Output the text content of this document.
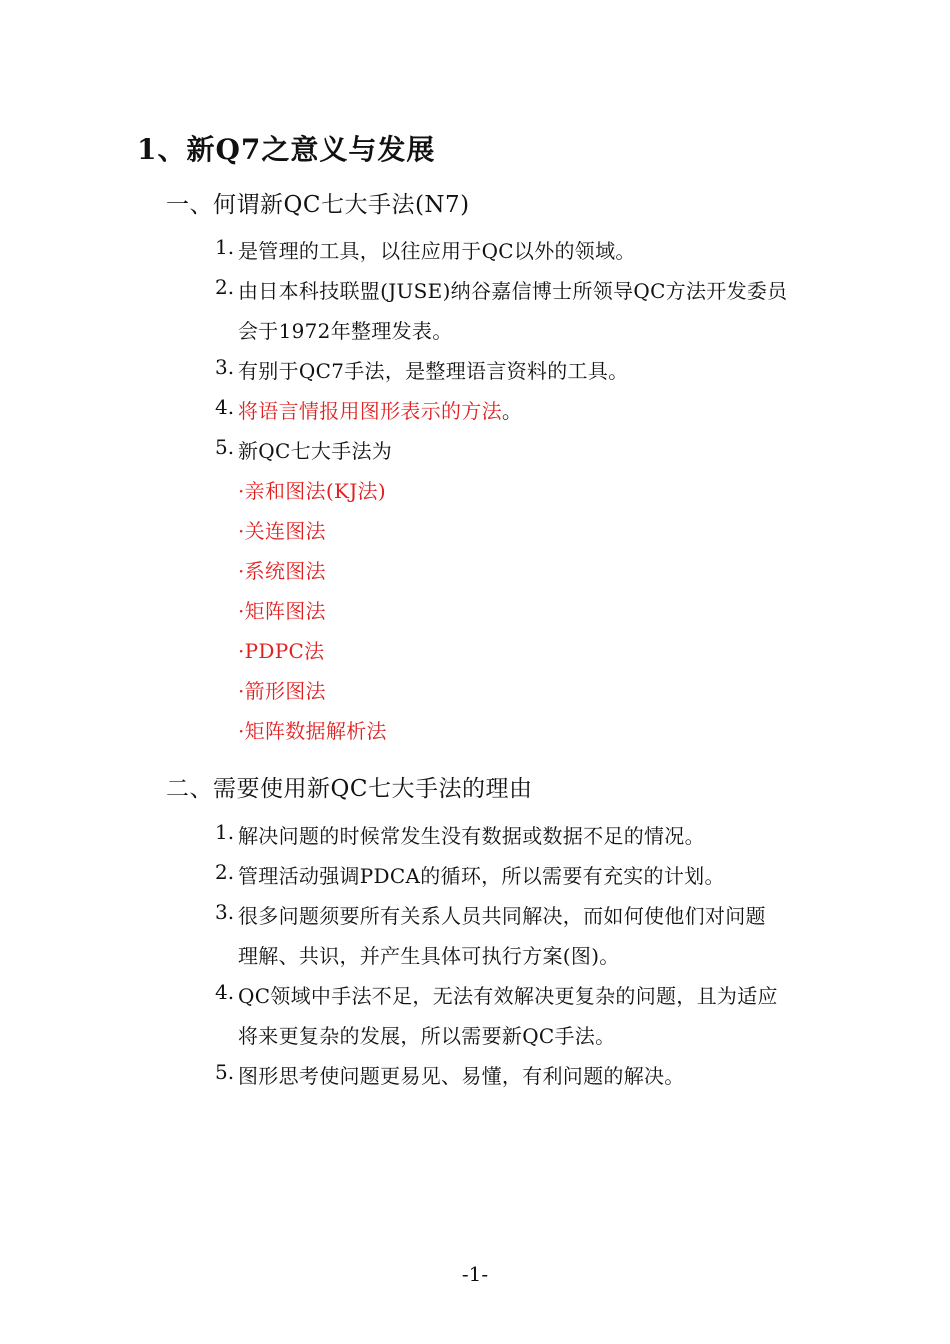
1、新Q7之意义与发展
一、何谓新QC七大手法(N7)
1. 是管理的工具，以往应用于QC以外的领域。
2. 由日本科技联盟(JUSE)纳谷嘉信博士所领导QC方法开发委员
会于1972年整理发表。
3. 有别于QC7手法，是整理语言资料的工具。
4. 将语言情报用图形表示的方法。
5. 新QC七大手法为
·亲和图法(KJ法)
·关连图法
·系统图法
·矩阵图法
·PDPC法
·箭形图法
·矩阵数据解析法
二、需要使用新QC七大手法的理由
1. 解决问题的时候常发生没有数据或数据不足的情况。
2. 管理活动强调PDCA的循环，所以需要有充实的计划。
3. 很多问题须要所有关系人员共同解决，而如何使他们对问题
理解、共识，并产生具体可执行方案(图)。
4. QC领域中手法不足，无法有效解决更复杂的问题，且为适应
将来更复杂的发展，所以需要新QC手法。
5. 图形思考使问题更易见、易懂，有利问题的解决。
-1-
